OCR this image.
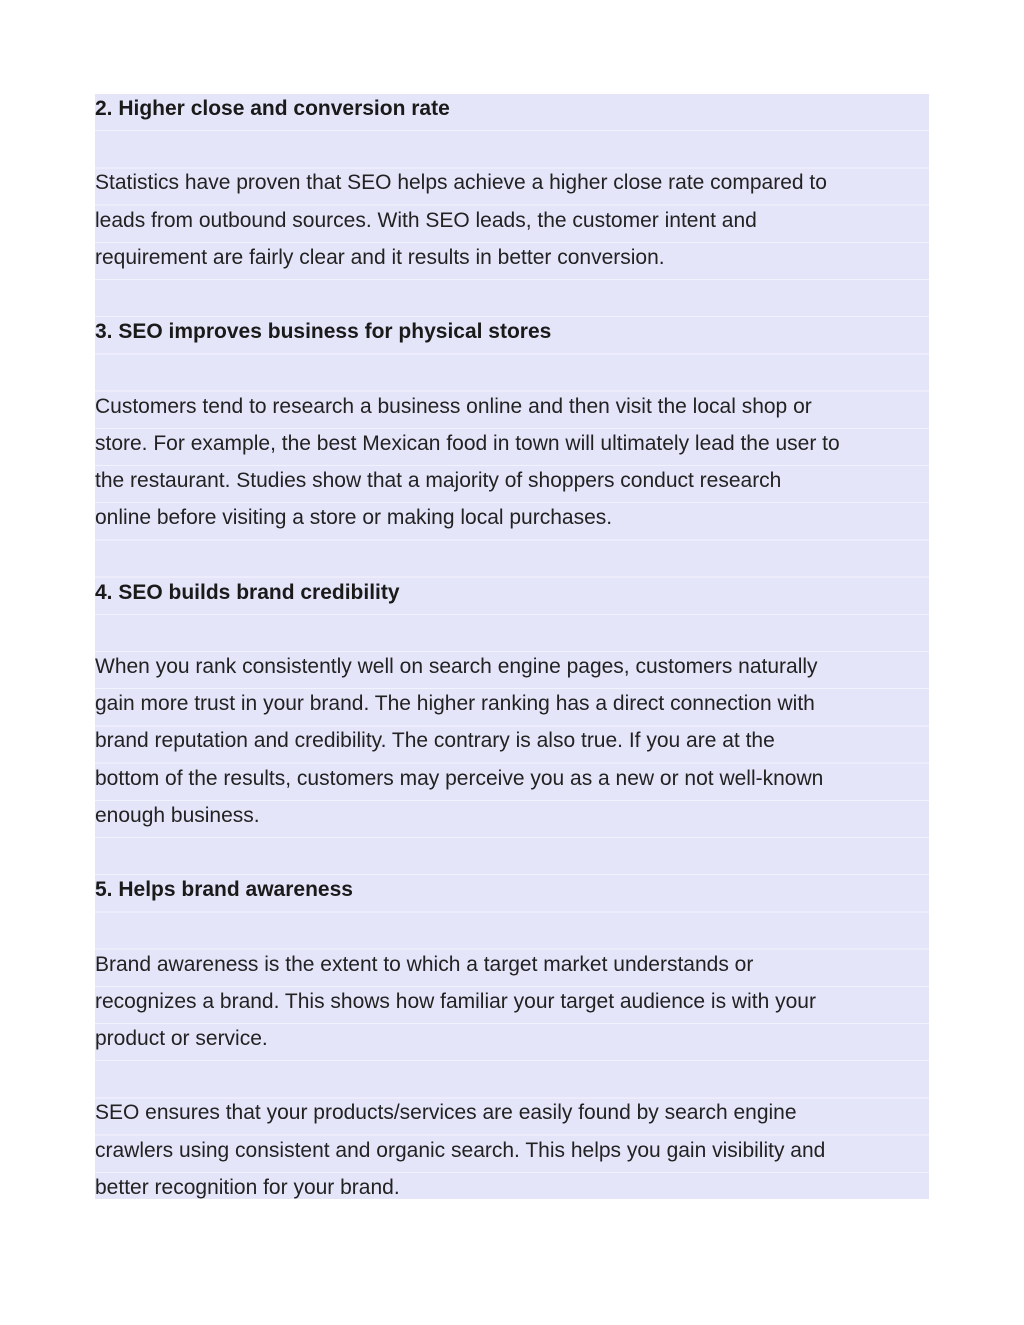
2. Higher close and conversion rate
Statistics have proven that SEO helps achieve a higher close rate compared to
leads from outbound sources. With SEO leads, the customer intent and
requirement are fairly clear and it results in better conversion.
3. SEO improves business for physical stores
Customers tend to research a business online and then visit the local shop or
store. For example, the best Mexican food in town will ultimately lead the user to
the restaurant. Studies show that a majority of shoppers conduct research
online before visiting a store or making local purchases.
4. SEO builds brand credibility
When you rank consistently well on search engine pages, customers naturally
gain more trust in your brand. The higher ranking has a direct connection with
brand reputation and credibility. The contrary is also true. If you are at the
bottom of the results, customers may perceive you as a new or not well-known
enough business.
5. Helps brand awareness
Brand awareness is the extent to which a target market understands or
recognizes a brand. This shows how familiar your target audience is with your
product or service.
SEO ensures that your products/services are easily found by search engine
crawlers using consistent and organic search. This helps you gain visibility and
better recognition for your brand.
